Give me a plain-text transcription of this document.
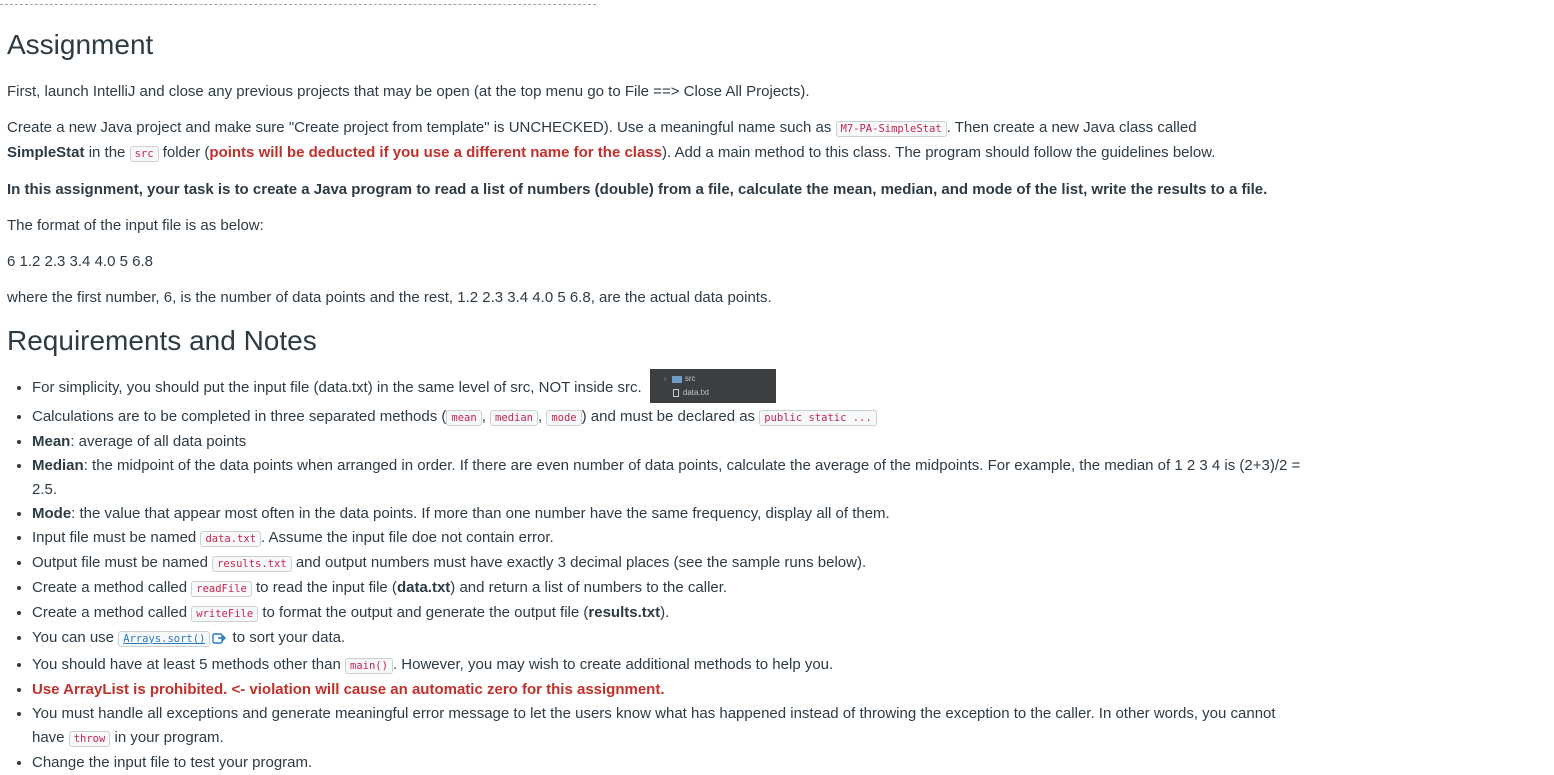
Assignment

First, launch IntelliJ and close any previous projects that may be open (at the top menu go to File ==> Close All Projects).

Create a new Java project and make sure "Create project from template" is UNCHECKED). Use a meaningful name such as M7-PA-SimpleStat . Then create a new Java class called
SimpleStat in the src folder (points will be deducted if you use a different name for the class). Add a main method to this class. The program should follow the guidelines below.

In this assignment, your task is to create a Java program to read a list of numbers (double) from a file, calculate the mean, median, and mode of the list, write the results to a file.

The format of the input file is as below:

6 1.2 2.3 3.4 4.0 5 6.8

where the first number, 6, is the number of data points and the rest, 1.2 2.3 3.4 4.0 5 6.8, are the actual data points.

Requirements and Notes
• For simplicity, you should put the input file (data.txt) in the same level of src, NOT inside src.
›	src
data.txt
• Calculations are to be completed in three separated methods ( mean , median , mode ) and must be declared as public static ...
• Mean: average of all data points
• Median: the midpoint of the data points when arranged in order. If there are even number of data points, calculate the average of the midpoints. For example, the median of 1 2 3 4 is (2+3)/2 = 2.5.
• Mode: the value that appear most often in the data points. If more than one number have the same frequency, display all of them.
• Input file must be named data.txt . Assume the input file doe not contain error.
• Output file must be named results.txt and output numbers must have exactly 3 decimal places (see the sample runs below).
• Create a method called readFile to read the input file (data.txt) and return a list of numbers to the caller.
• Create a method called writeFile to format the output and generate the output file (results.txt).
• You can use Arrays.sort() to sort your data.
• You should have at least 5 methods other than main() . However, you may wish to create additional methods to help you.
• Use ArrayList is prohibited. <- violation will cause an automatic zero for this assignment.
• You must handle all exceptions and generate meaningful error message to let the users know what has happened instead of throwing the exception to the caller. In other words, you cannot have throw in your program.
• Change the input file to test your program.
